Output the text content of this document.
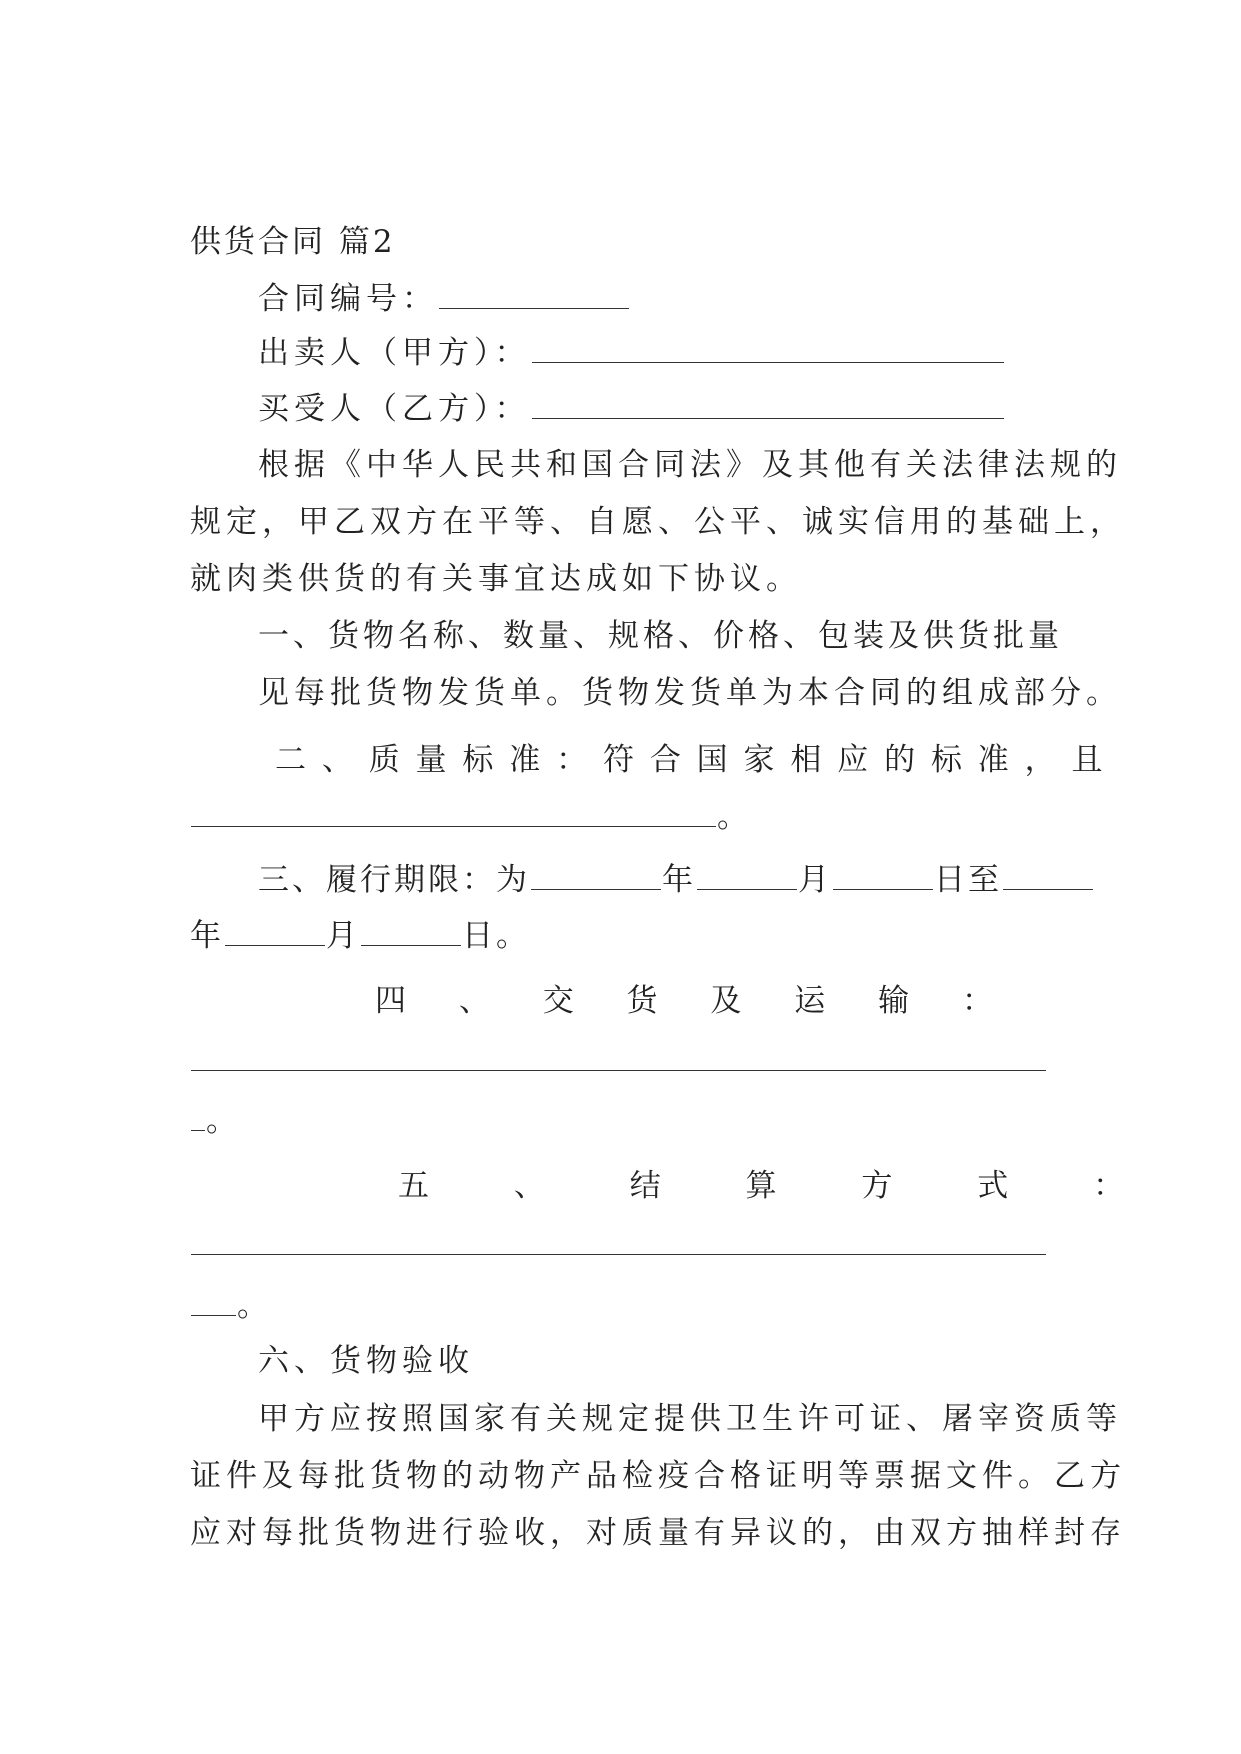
供货合同 篇2
合同编号：
出卖人（甲方）：
买受人（乙方）：
根据《中华人民共和国合同法》及其他有关法律法规的
规定，甲乙双方在平等、自愿、公平、诚实信用的基础上，
就肉类供货的有关事宜达成如下协议。
一、货物名称、数量、规格、价格、包装及供货批量
见每批货物发货单。货物发货单为本合同的组成部分。
二 、 质 量 标 准 ： 符 合 国 家 相 应 的 标 准 ， 且
。
三、履行期限：为	年	月	日至
年	月	日。
四 、 交 货 及 运 输 ：
。
五 、 结 算 方 式 ：
。
六、货物验收
甲方应按照国家有关规定提供卫生许可证、屠宰资质等
证件及每批货物的动物产品检疫合格证明等票据文件。乙方
应对每批货物进行验收，对质量有异议的，由双方抽样封存
